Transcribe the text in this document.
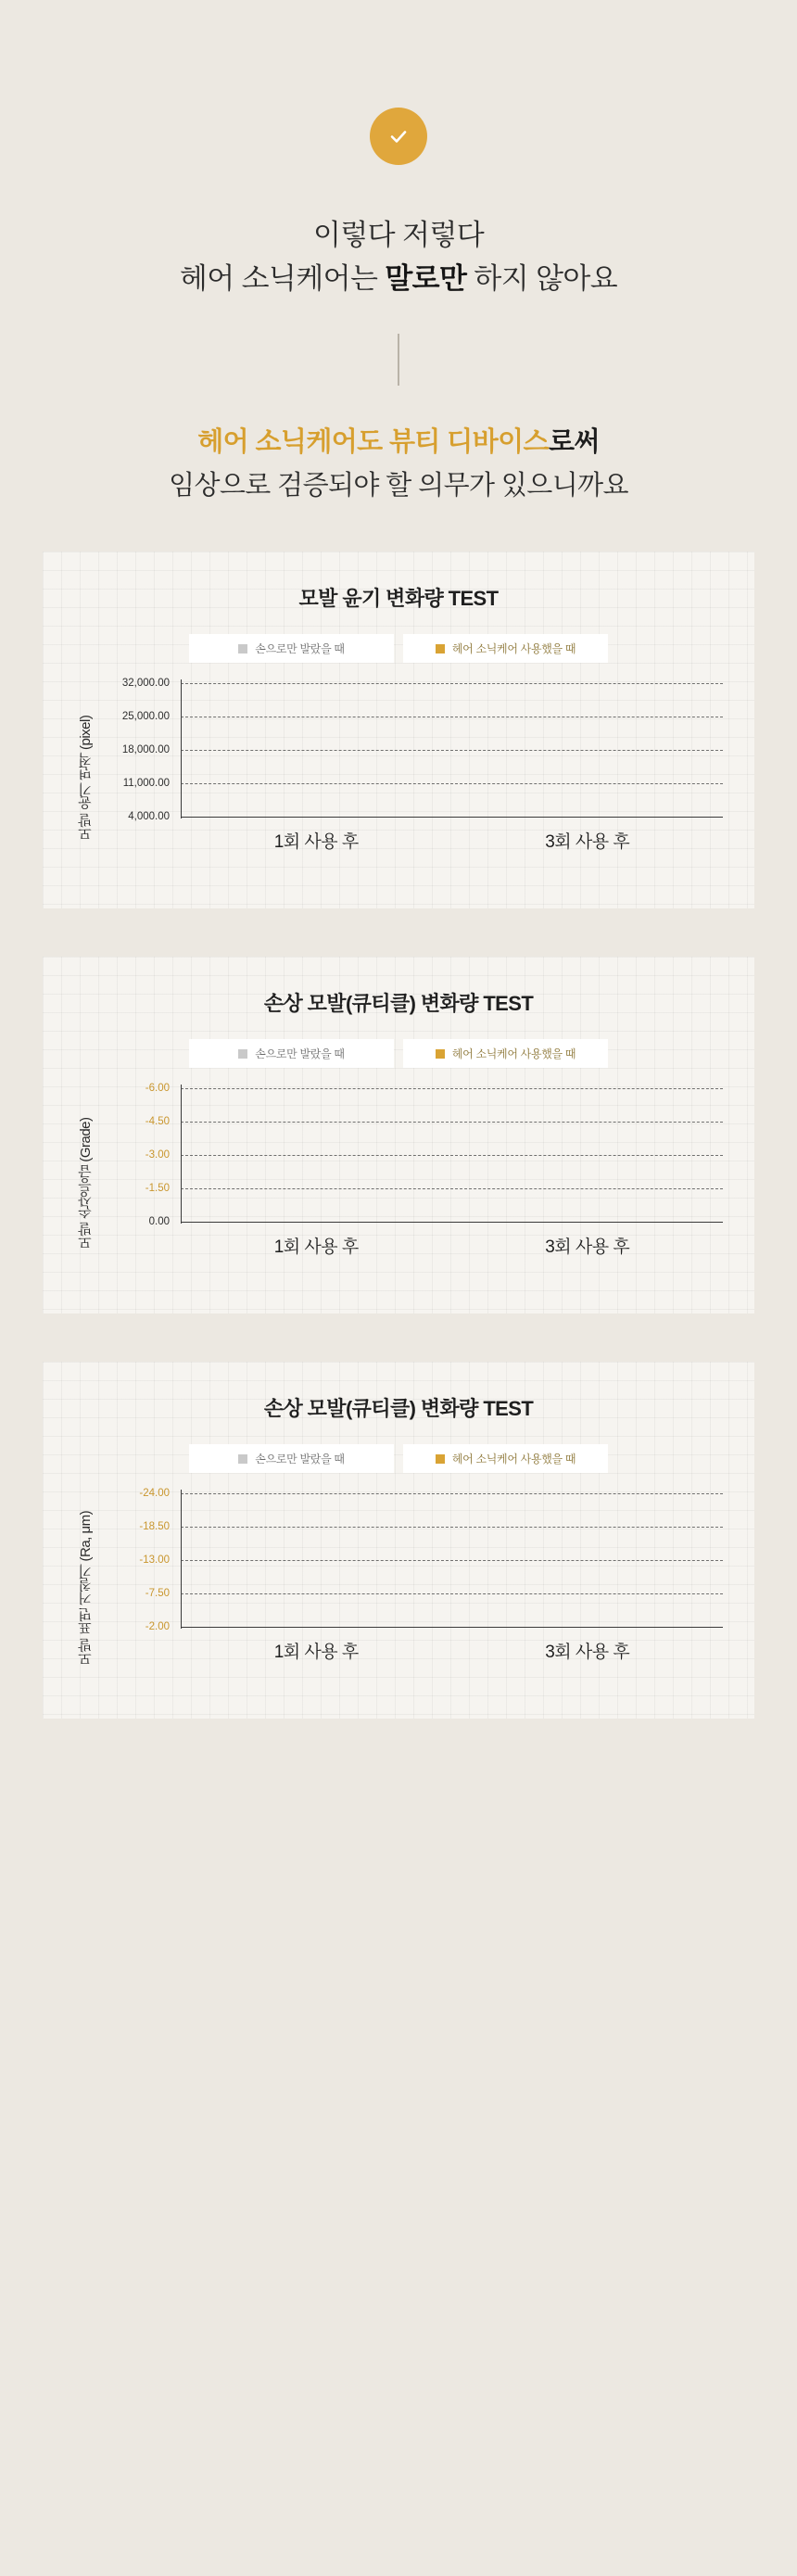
이렇다 저렇다
헤어 소닉케어는 말로만 하지 않아요
헤어 소닉케어도 뷰티 디바이스로써
임상으로 검증되야 할 의무가 있으니까요
모발 윤기 변화량 TEST
손으로만 발랐을 때	헤어 소닉케어 사용했을 때
모발 윤기 면적 (pixel)
32,000.00
25,000.00
18,000.00
11,000.00
4,000.00
1회 사용 후	3회 사용 후
손상 모발(큐티클) 변화량 TEST
손으로만 발랐을 때	헤어 소닉케어 사용했을 때
모발 손상등급 (Grade)
-6.00
-4.50
-3.00
-1.50
0.00
1회 사용 후	3회 사용 후
손상 모발(큐티클) 변화량 TEST
손으로만 발랐을 때	헤어 소닉케어 사용했을 때
모발 표면 거칠기 (Ra, μm)
-24.00
-18.50
-13.00
-7.50
-2.00
1회 사용 후	3회 사용 후
